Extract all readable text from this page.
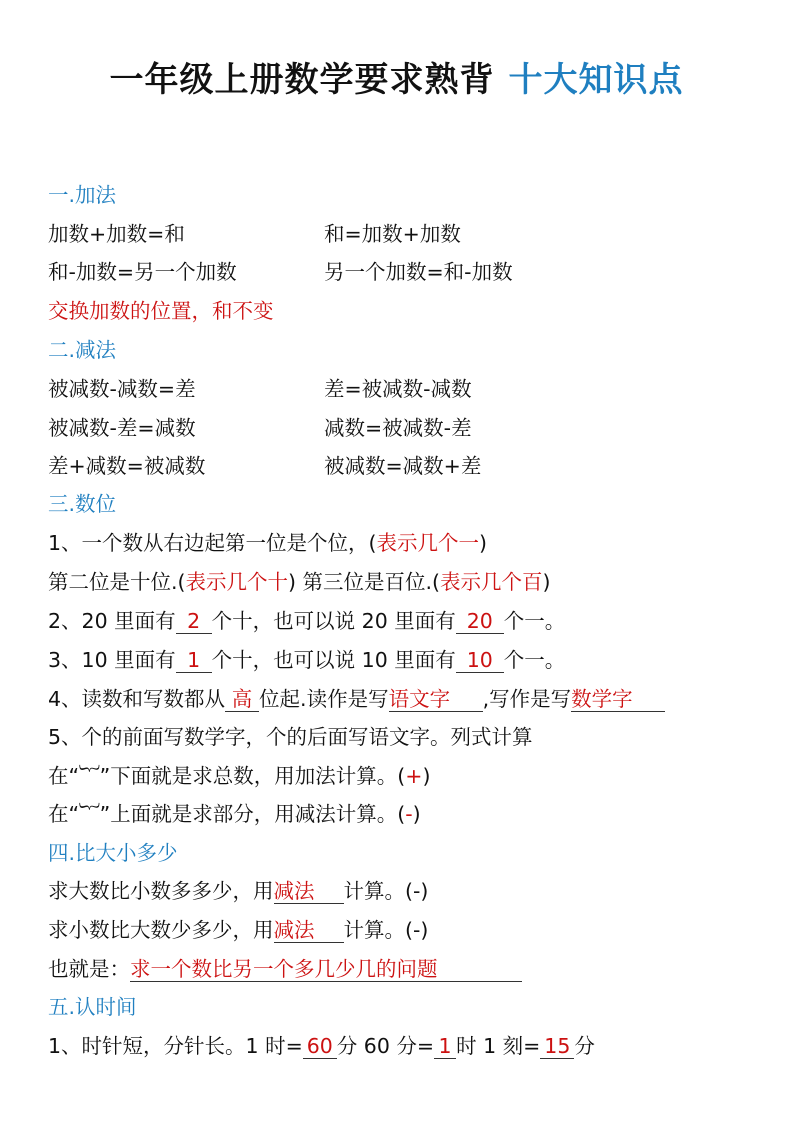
一年级上册数学要求熟背 十大知识点
一.加法
加数+加数=和	和=加数+加数
和-加数=另一个加数	另一个加数=和-加数
交换加数的位置，和不变
二.减法
被减数-减数=差	差=被减数-减数
被减数-差=减数	减数=被减数-差
差+减数=被减数	被减数=减数+差
三.数位
1、一个数从右边起第一位是个位，(表示几个一)
第二位是十位.(表示几个十) 第三位是百位.(表示几个百)
2、20 里面有 2 个十，也可以说 20 里面有 20 个一。
3、10 里面有 1 个十，也可以说 10 里面有 10 个一。
4、读数和写数都从 高 位起.读作是写语文字 ,写作是写数学字
5、个的前面写数学字，个的后面写语文字。列式计算
在“︸”下面就是求总数，用加法计算。(+)
在“︸”上面就是求部分，用减法计算。(-)
四.比大小多少
求大数比小数多多少，用减法 计算。(-)
求小数比大数少多少，用减法 计算。(-)
也就是：求一个数比另一个多几少几的问题
五.认时间
1、时针短，分针长。1 时= 60 分 60 分= 1 时 1 刻= 15 分
